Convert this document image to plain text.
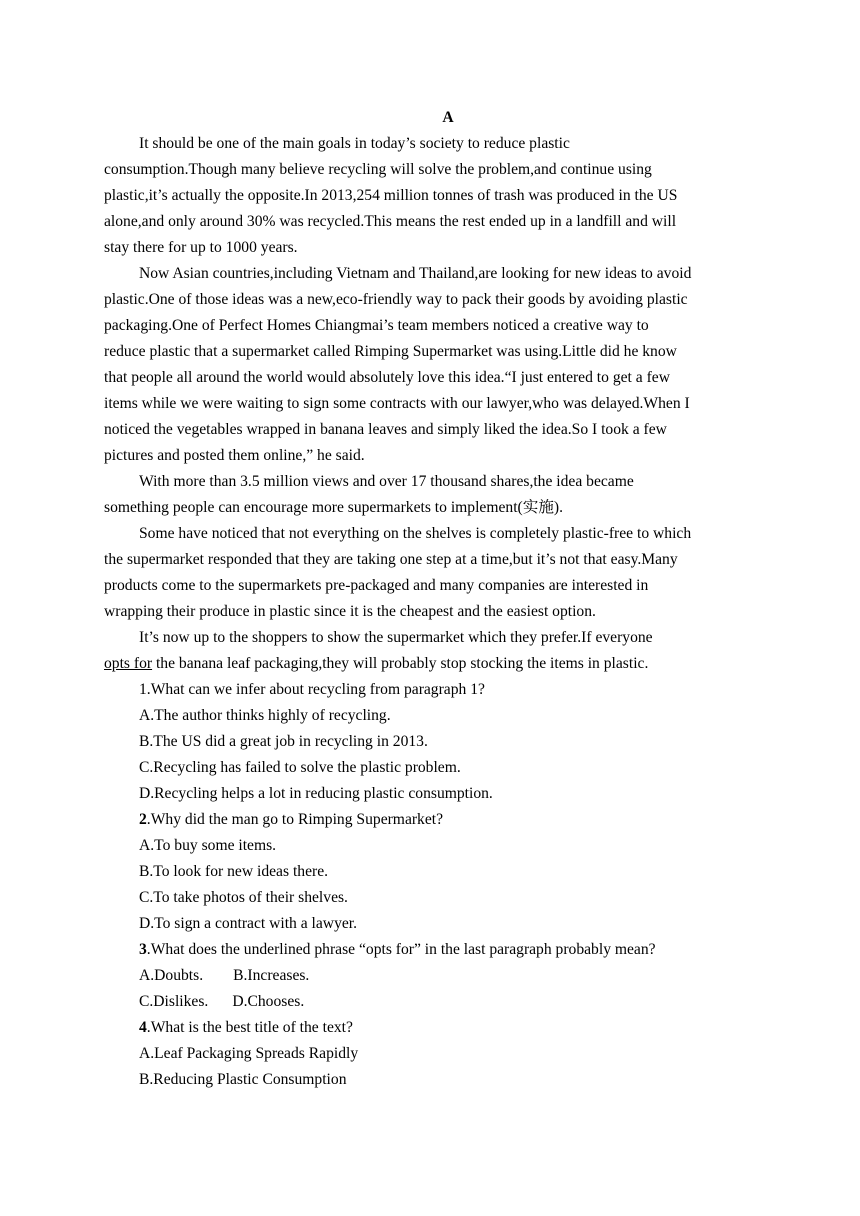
A
It should be one of the main goals in today’s society to reduce plastic
consumption.Though many believe recycling will solve the problem,and continue using
plastic,it’s actually the opposite.In 2013,254 million tonnes of trash was produced in the US
alone,and only around 30% was recycled.This means the rest ended up in a landfill and will
stay there for up to 1000 years.
Now Asian countries,including Vietnam and Thailand,are looking for new ideas to avoid
plastic.One of those ideas was a new,eco-friendly way to pack their goods by avoiding plastic
packaging.One of Perfect Homes Chiangmai’s team members noticed a creative way to
reduce plastic that a supermarket called Rimping Supermarket was using.Little did he know
that people all around the world would absolutely love this idea.“I just entered to get a few
items while we were waiting to sign some contracts with our lawyer,who was delayed.When I
noticed the vegetables wrapped in banana leaves and simply liked the idea.So I took a few
pictures and posted them online,” he said.
With more than 3.5 million views and over 17 thousand shares,the idea became
something people can encourage more supermarkets to implement(实施).
Some have noticed that not everything on the shelves is completely plastic-free to which
the supermarket responded that they are taking one step at a time,but it’s not that easy.Many
products come to the supermarkets pre-packaged and many companies are interested in
wrapping their produce in plastic since it is the cheapest and the easiest option.
It’s now up to the shoppers to show the supermarket which they prefer.If everyone
opts for the banana leaf packaging,they will probably stop stocking the items in plastic.
1.What can we infer about recycling from paragraph 1?
A.The author thinks highly of recycling.
B.The US did a great job in recycling in 2013.
C.Recycling has failed to solve the plastic problem.
D.Recycling helps a lot in reducing plastic consumption.
2.Why did the man go to Rimping Supermarket?
A.To buy some items.
B.To look for new ideas there.
C.To take photos of their shelves.
D.To sign a contract with a lawyer.
3.What does the underlined phrase “opts for” in the last paragraph probably mean?
A.Doubts. B.Increases.
C.Dislikes. D.Chooses.
4.What is the best title of the text?
A.Leaf Packaging Spreads Rapidly
B.Reducing Plastic Consumption
